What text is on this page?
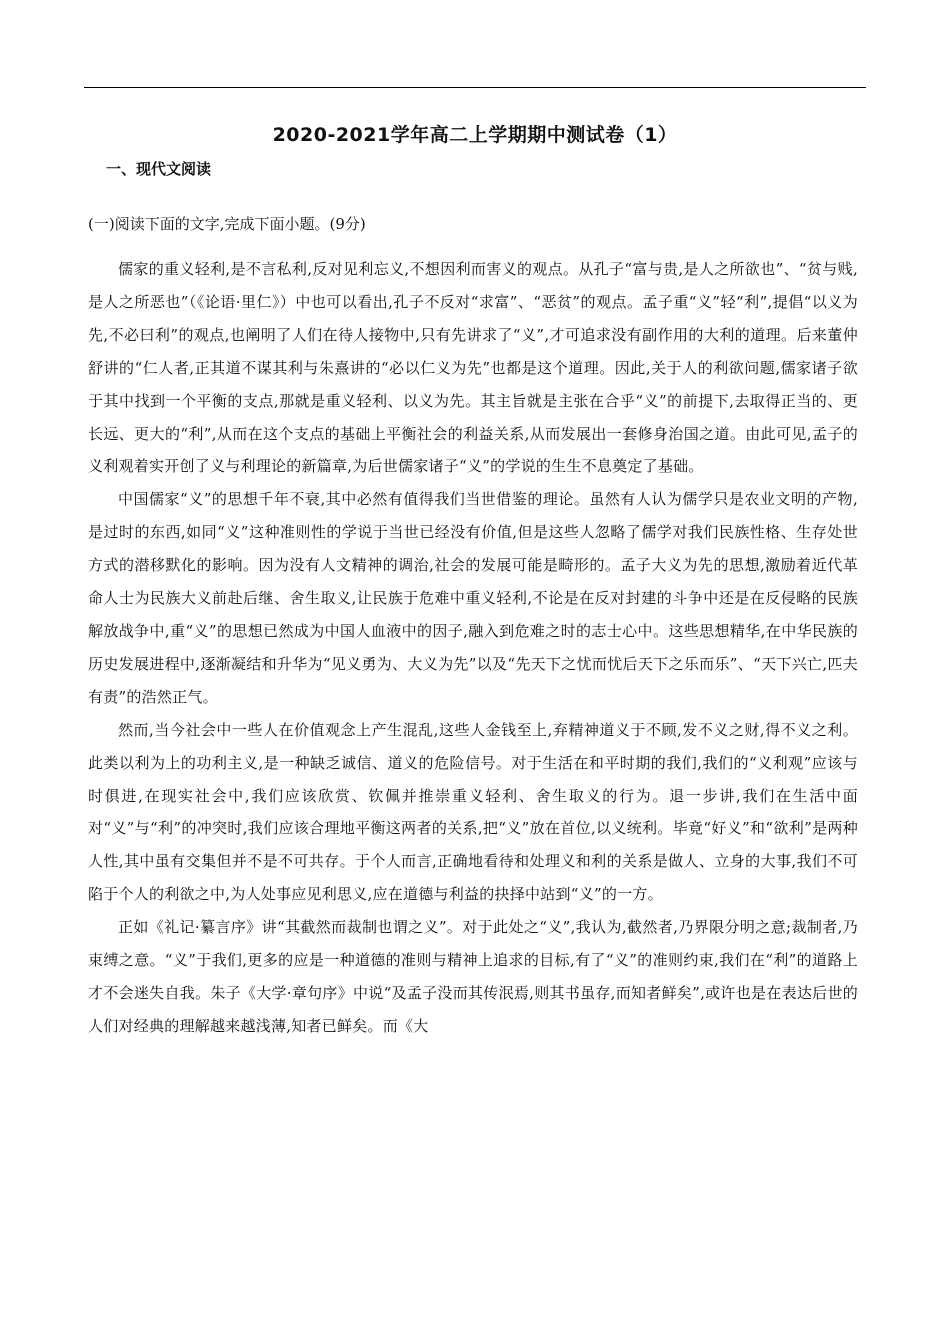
2020-2021学年高二上学期期中测试卷（1）
一、现代文阅读

(一)阅读下面的文字,完成下面小题。(9分)

儒家的重义轻利,是不言私利,反对见利忘义,不想因利而害义的观点。从孔子“富与贵,是人之所欲也”、“贫与贱,是人之所恶也”（《论语·里仁》）中也可以看出,孔子不反对“求富”、“恶贫”的观点。孟子重“义”轻“利”,提倡“以义为先,不必曰利”的观点,也阐明了人们在待人接物中,只有先讲求了“义”,才可追求没有副作用的大利的道理。后来董仲舒讲的“仁人者,正其道不谋其利与朱熹讲的“必以仁义为先”也都是这个道理。因此,关于人的利欲问题,儒家诸子欲于其中找到一个平衡的支点,那就是重义轻利、以义为先。其主旨就是主张在合乎“义”的前提下,去取得正当的、更长远、更大的“利”,从而在这个支点的基础上平衡社会的利益关系,从而发展出一套修身治国之道。由此可见,孟子的义利观着实开创了义与利理论的新篇章,为后世儒家诸子“义”的学说的生生不息奠定了基础。

中国儒家“义”的思想千年不衰,其中必然有值得我们当世借鉴的理论。虽然有人认为儒学只是农业文明的产物,是过时的东西,如同“义”这种准则性的学说于当世已经没有价值,但是这些人忽略了儒学对我们民族性格、生存处世方式的潜移默化的影响。因为没有人文精神的调治,社会的发展可能是畸形的。孟子大义为先的思想,激励着近代革命人士为民族大义前赴后继、舍生取义,让民族于危难中重义轻利,不论是在反对封建的斗争中还是在反侵略的民族解放战争中,重“义”的思想已然成为中国人血液中的因子,融入到危难之时的志士心中。这些思想精华,在中华民族的历史发展进程中,逐渐凝结和升华为“见义勇为、大义为先”以及“先天下之忧而忧后天下之乐而乐”、“天下兴亡,匹夫有责”的浩然正气。

然而,当今社会中一些人在价值观念上产生混乱,这些人金钱至上,弃精神道义于不顾,发不义之财,得不义之利。此类以利为上的功利主义,是一种缺乏诚信、道义的危险信号。对于生活在和平时期的我们,我们的“义利观”应该与时俱进,在现实社会中,我们应该欣赏、钦佩并推崇重义轻利、舍生取义的行为。退一步讲,我们在生活中面对“义”与“利”的冲突时,我们应该合理地平衡这两者的关系,把“义”放在首位,以义统利。毕竟“好义”和“欲利”是两种人性,其中虽有交集但并不是不可共存。于个人而言,正确地看待和处理义和利的关系是做人、立身的大事,我们不可陷于个人的利欲之中,为人处事应见利思义,应在道德与利益的抉择中站到“义”的一方。

正如《礼记·纂言序》讲“其截然而裁制也谓之义”。对于此处之“义”,我认为,截然者,乃界限分明之意;裁制者,乃束缚之意。“义”于我们,更多的应是一种道德的准则与精神上追求的目标,有了“义”的准则约束,我们在“利”的道路上才不会迷失自我。朱子《大学·章句序》中说“及孟子没而其传泯焉,则其书虽存,而知者鲜矣”,或许也是在表达后世的人们对经典的理解越来越浅薄,知者已鲜矣。而《大
